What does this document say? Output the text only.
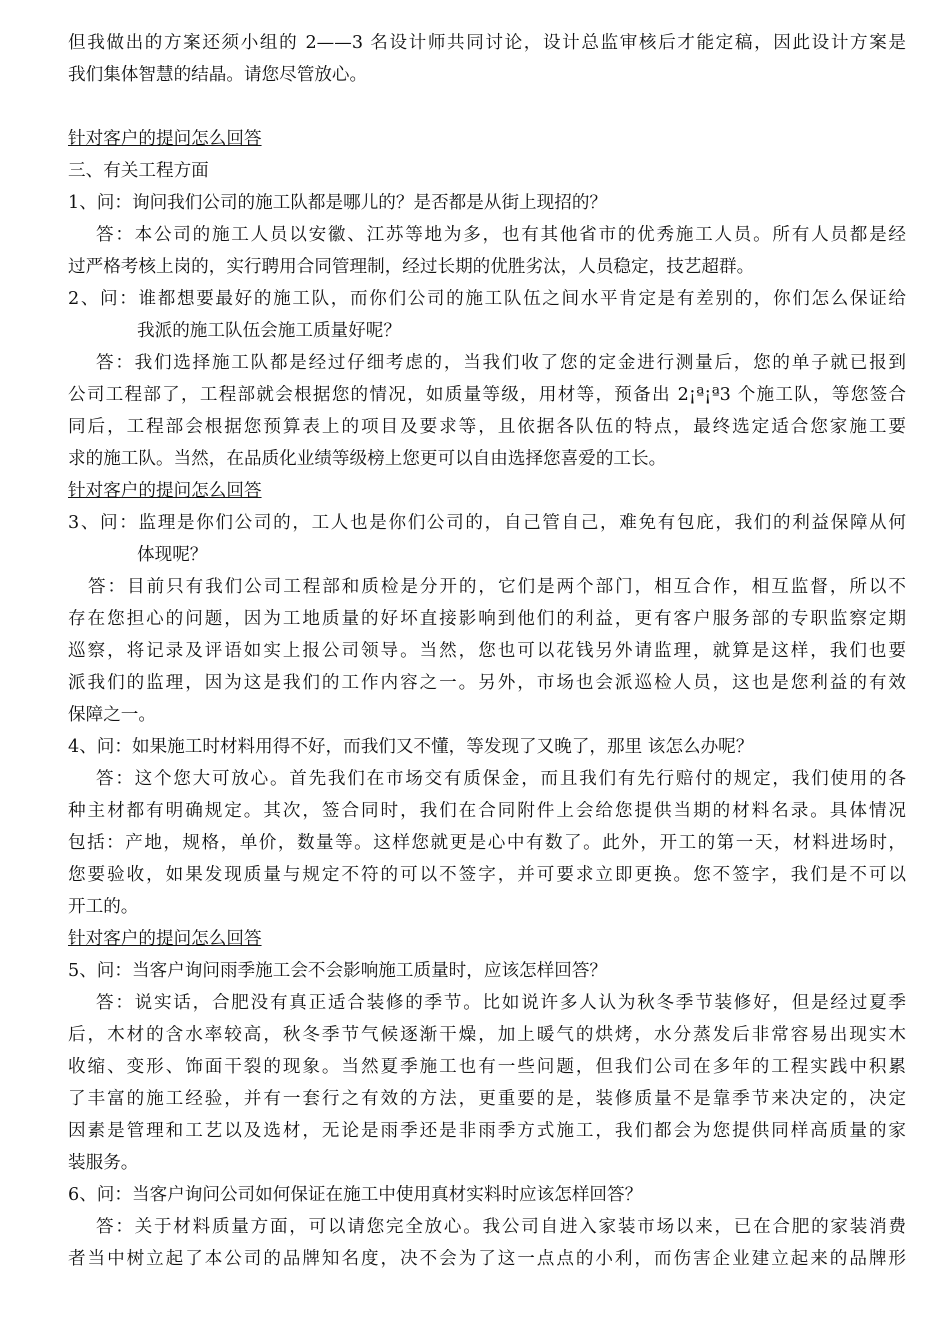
但我做出的方案还须小组的 2——3 名设计师共同讨论，设计总监审核后才能定稿，因此设计方案是
我们集体智慧的结晶。请您尽管放心。
针对客户的提问怎么回答
三、有关工程方面
1、问：询问我们公司的施工队都是哪儿的？是否都是从街上现招的？
答：本公司的施工人员以安徽、江苏等地为多，也有其他省市的优秀施工人员。所有人员都是经
过严格考核上岗的，实行聘用合同管理制，经过长期的优胜劣汰，人员稳定，技艺超群。
2、问：谁都想要最好的施工队，而你们公司的施工队伍之间水平肯定是有差别的，你们怎么保证给
我派的施工队伍会施工质量好呢？
答：我们选择施工队都是经过仔细考虑的，当我们收了您的定金进行测量后，您的单子就已报到
公司工程部了，工程部就会根据您的情况，如质量等级，用材等，预备出 2¡ª¡ª3 个施工队，等您签合
同后，工程部会根据您预算表上的项目及要求等，且依据各队伍的特点，最终选定适合您家施工要
求的施工队。当然，在品质化业绩等级榜上您更可以自由选择您喜爱的工长。
针对客户的提问怎么回答
3、问：监理是你们公司的，工人也是你们公司的，自己管自己，难免有包庇，我们的利益保障从何
体现呢？
答：目前只有我们公司工程部和质检是分开的，它们是两个部门，相互合作，相互监督，所以不
存在您担心的问题，因为工地质量的好坏直接影响到他们的利益，更有客户服务部的专职监察定期
巡察，将记录及评语如实上报公司领导。当然，您也可以花钱另外请监理，就算是这样，我们也要
派我们的监理，因为这是我们的工作内容之一。另外，市场也会派巡检人员，这也是您利益的有效
保障之一。
4、问：如果施工时材料用得不好，而我们又不懂，等发现了又晚了，那里 该怎么办呢？
答：这个您大可放心。首先我们在市场交有质保金，而且我们有先行赔付的规定，我们使用的各
种主材都有明确规定。其次，签合同时，我们在合同附件上会给您提供当期的材料名录。具体情况
包括：产地，规格，单价，数量等。这样您就更是心中有数了。此外，开工的第一天，材料进场时，
您要验收，如果发现质量与规定不符的可以不签字，并可要求立即更换。您不签字，我们是不可以
开工的。
针对客户的提问怎么回答
5、问：当客户询问雨季施工会不会影响施工质量时，应该怎样回答？
答：说实话，合肥没有真正适合装修的季节。比如说许多人认为秋冬季节装修好，但是经过夏季
后，木材的含水率较高，秋冬季节气候逐渐干燥，加上暖气的烘烤，水分蒸发后非常容易出现实木
收缩、变形、饰面干裂的现象。当然夏季施工也有一些问题，但我们公司在多年的工程实践中积累
了丰富的施工经验，并有一套行之有效的方法，更重要的是，装修质量不是靠季节来决定的，决定
因素是管理和工艺以及选材，无论是雨季还是非雨季方式施工，我们都会为您提供同样高质量的家
装服务。
6、问：当客户询问公司如何保证在施工中使用真材实料时应该怎样回答？
答：关于材料质量方面，可以请您完全放心。我公司自进入家装市场以来，已在合肥的家装消费
者当中树立起了本公司的品牌知名度，决不会为了这一点点的小利，而伤害企业建立起来的品牌形
